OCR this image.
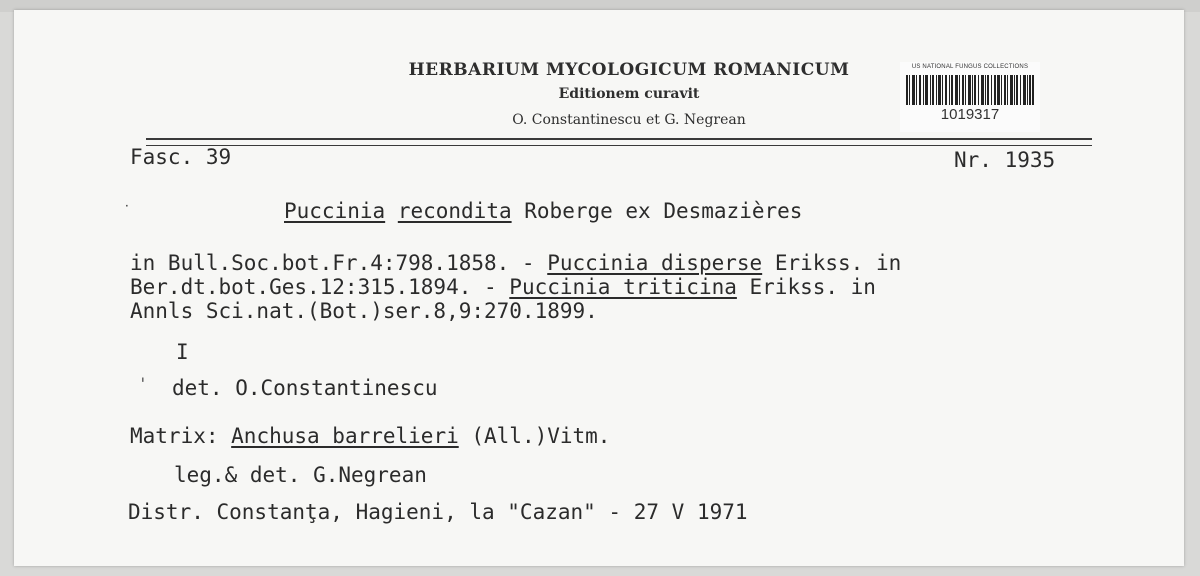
HERBARIUM MYCOLOGICUM ROMANICUM
Editionem curavit
O. Constantinescu et G. Negrean
US NATIONAL FUNGUS COLLECTIONS
1019317
Fasc. 39	Nr. 1935
Puccinia recondita Roberge ex Desmazières
˙
in Bull.Soc.bot.Fr.4:798.1858. - Puccinia disperse Erikss. in
Ber.dt.bot.Ges.12:315.1894. - Puccinia triticina Erikss. in
Annls Sci.nat.(Bot.)ser.8,9:270.1899.
I
' det. O.Constantinescu
Matrix: Anchusa barrelieri (All.)Vitm.
leg.& det. G.Negrean
Distr. Constanţa, Hagieni, la "Cazan" - 27 V 1971
